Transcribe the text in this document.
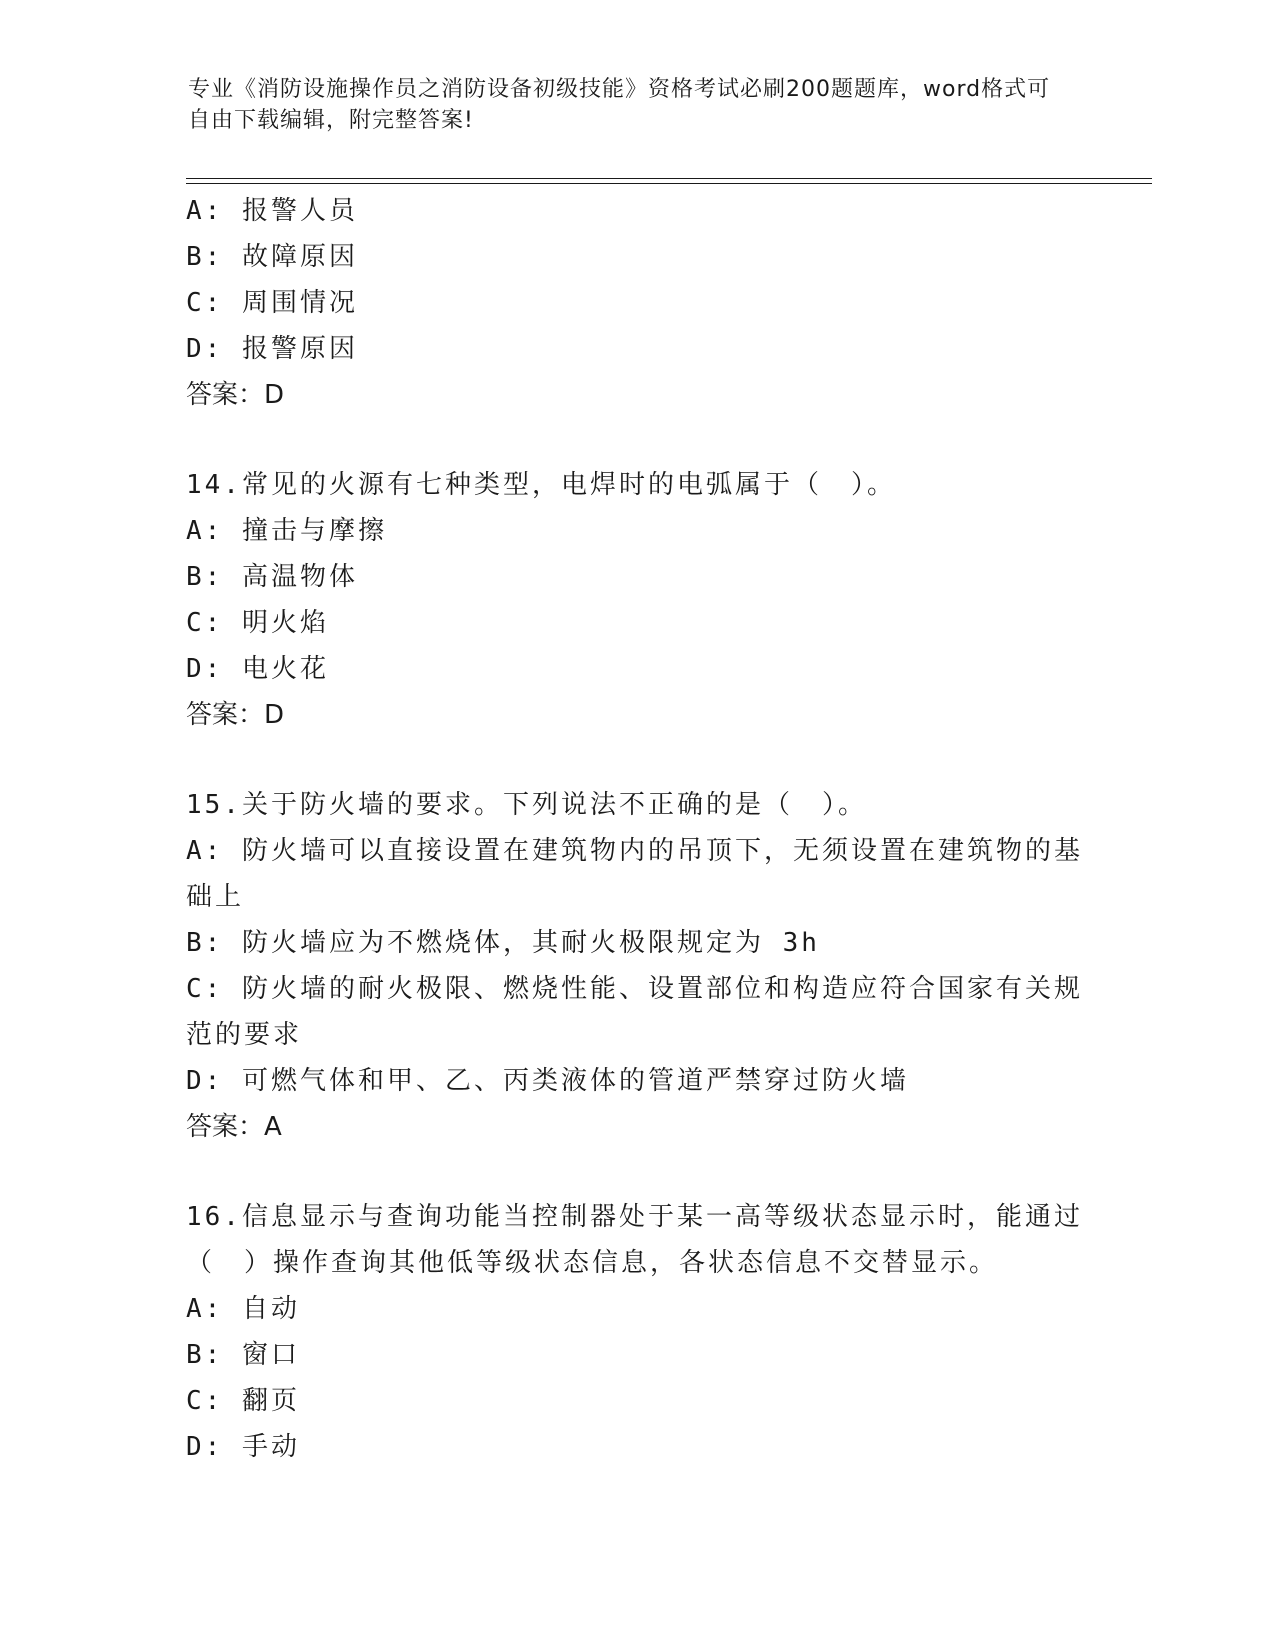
专业《消防设施操作员之消防设备初级技能》资格考试必刷200题题库，word格式可自由下载编辑，附完整答案!
A: 报警人员
B: 故障原因
C: 周围情况
D: 报警原因
答案：D
14.常见的火源有七种类型，电焊时的电弧属于（　）。
A: 撞击与摩擦
B: 高温物体
C: 明火焰
D: 电火花
答案：D
15.关于防火墙的要求。下列说法不正确的是（　）。
A: 防火墙可以直接设置在建筑物内的吊顶下，无须设置在建筑物的基础上
B: 防火墙应为不燃烧体，其耐火极限规定为 3h
C: 防火墙的耐火极限、燃烧性能、设置部位和构造应符合国家有关规范的要求
D: 可燃气体和甲、乙、丙类液体的管道严禁穿过防火墙
答案：A
16.信息显示与查询功能当控制器处于某一高等级状态显示时，能通过（　）操作查询其他低等级状态信息，各状态信息不交替显示。
A: 自动
B: 窗口
C: 翻页
D: 手动
